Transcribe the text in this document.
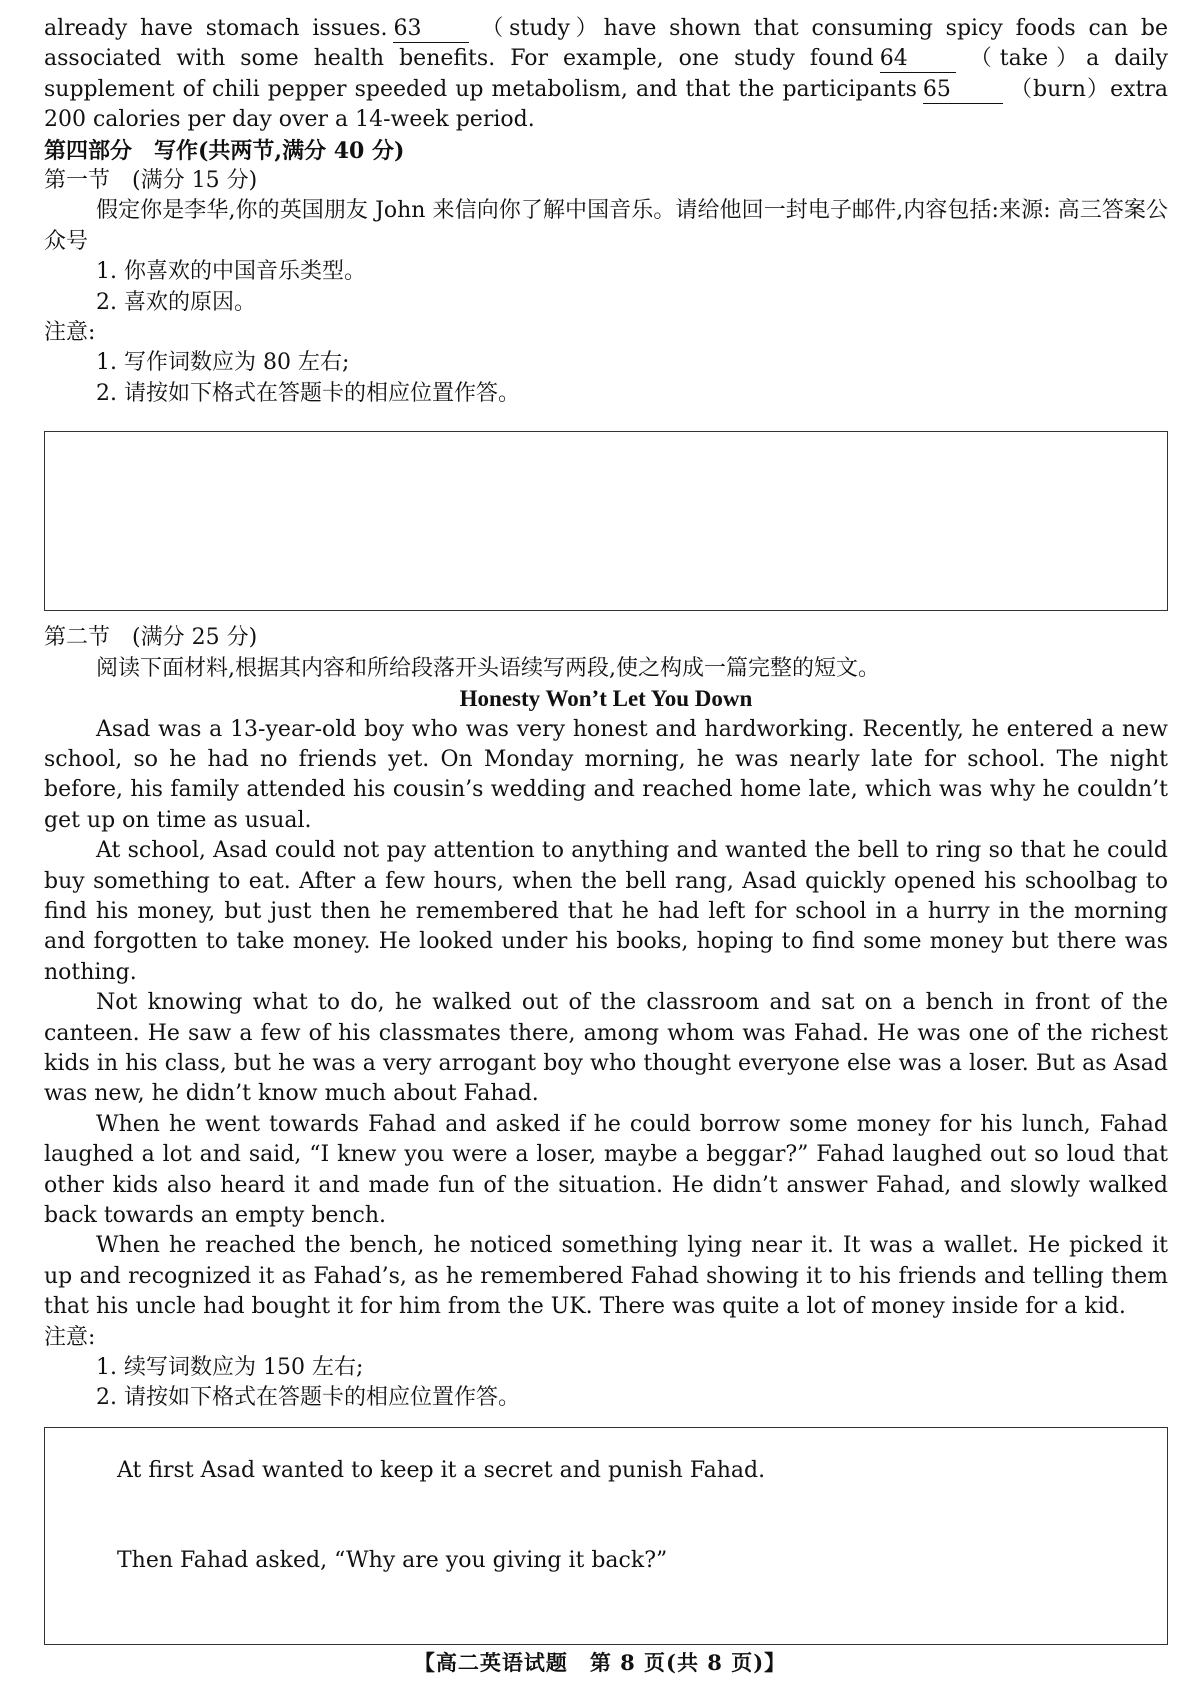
already have stomach issues. 63 （study）have shown that consuming spicy foods can be associated with some health benefits. For example, one study found 64 （take）a daily supplement of chili pepper speeded up metabolism, and that the participants 65	（burn）extra 200 calories per day over a 14-week period.

第四部分　写作(共两节,满分 40 分)

第一节　(满分 15 分)

假定你是李华,你的英国朋友 John 来信向你了解中国音乐。请给他回一封电子邮件,内容包括:来源: 高三答案公众号

1. 你喜欢的中国音乐类型。

2. 喜欢的原因。

注意:

1. 写作词数应为 80 左右;

2. 请按如下格式在答题卡的相应位置作答。

第二节　(满分 25 分)

阅读下面材料,根据其内容和所给段落开头语续写两段,使之构成一篇完整的短文。

Honesty Won’t Let You Down

Asad was a 13-year-old boy who was very honest and hardworking. Recently, he entered a new school, so he had no friends yet. On Monday morning, he was nearly late for school. The night before, his family attended his cousin’s wedding and reached home late, which was why he couldn’t get up on time as usual.

At school, Asad could not pay attention to anything and wanted the bell to ring so that he could buy something to eat. After a few hours, when the bell rang, Asad quickly opened his schoolbag to find his money, but just then he remembered that he had left for school in a hurry in the morning and forgotten to take money. He looked under his books, hoping to find some money but there was nothing.

Not knowing what to do, he walked out of the classroom and sat on a bench in front of the canteen. He saw a few of his classmates there, among whom was Fahad. He was one of the richest kids in his class, but he was a very arrogant boy who thought everyone else was a loser. But as Asad was new, he didn’t know much about Fahad.

When he went towards Fahad and asked if he could borrow some money for his lunch, Fahad laughed a lot and said, “I knew you were a loser, maybe a beggar?” Fahad laughed out so loud that other kids also heard it and made fun of the situation. He didn’t answer Fahad, and slowly walked back towards an empty bench.

When he reached the bench, he noticed something lying near it. It was a wallet. He picked it up and recognized it as Fahad’s, as he remembered Fahad showing it to his friends and telling them that his uncle had bought it for him from the UK. There was quite a lot of money inside for a kid.

注意:

1. 续写词数应为 150 左右;

2. 请按如下格式在答题卡的相应位置作答。

At first Asad wanted to keep it a secret and punish Fahad.

Then Fahad asked, “Why are you giving it back?”

【高二英语试题　第 8 页(共 8 页)】
